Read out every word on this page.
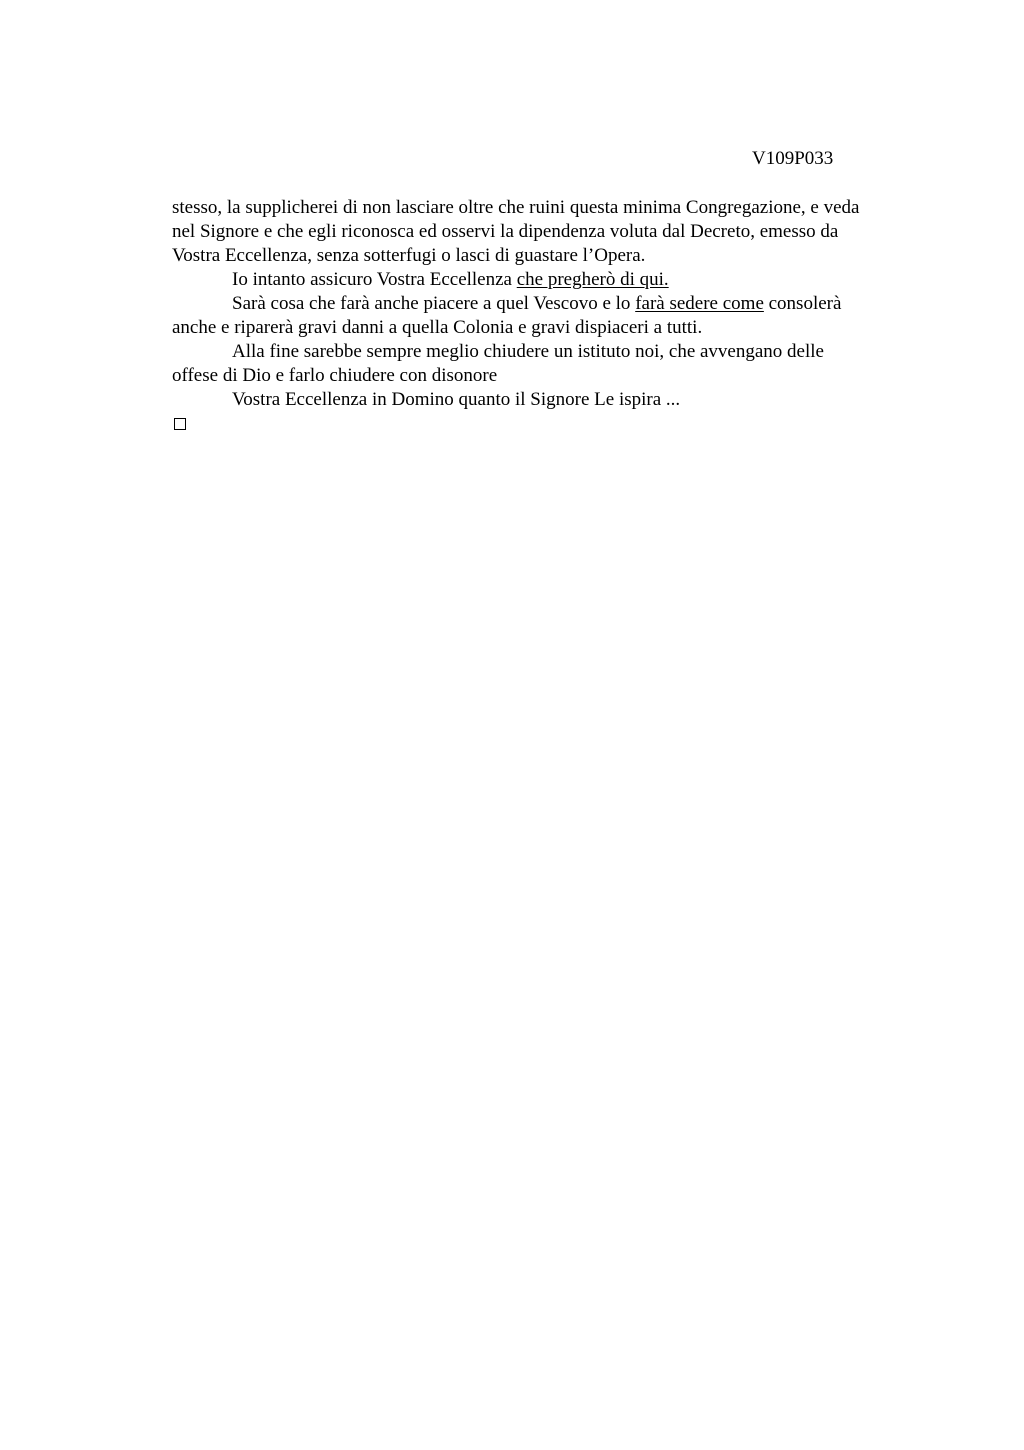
V109P033
stesso, la supplicherei di non lasciare oltre che ruini questa minima Congregazione, e veda
nel Signore e che egli riconosca ed osservi la dipendenza voluta dal Decreto, emesso da
Vostra Eccellenza, senza sotterfugi o lasci di guastare l’Opera.
Io intanto assicuro Vostra Eccellenza che pregherò di qui.
Sarà cosa che farà anche piacere a quel Vescovo e lo farà sedere come consolerà
anche e riparerà gravi danni a quella Colonia e gravi dispiaceri a tutti.
Alla fine sarebbe sempre meglio chiudere un istituto noi, che avvengano delle
offese di Dio e farlo chiudere con disonore
Vostra Eccellenza in Domino quanto il Signore Le ispira ...
